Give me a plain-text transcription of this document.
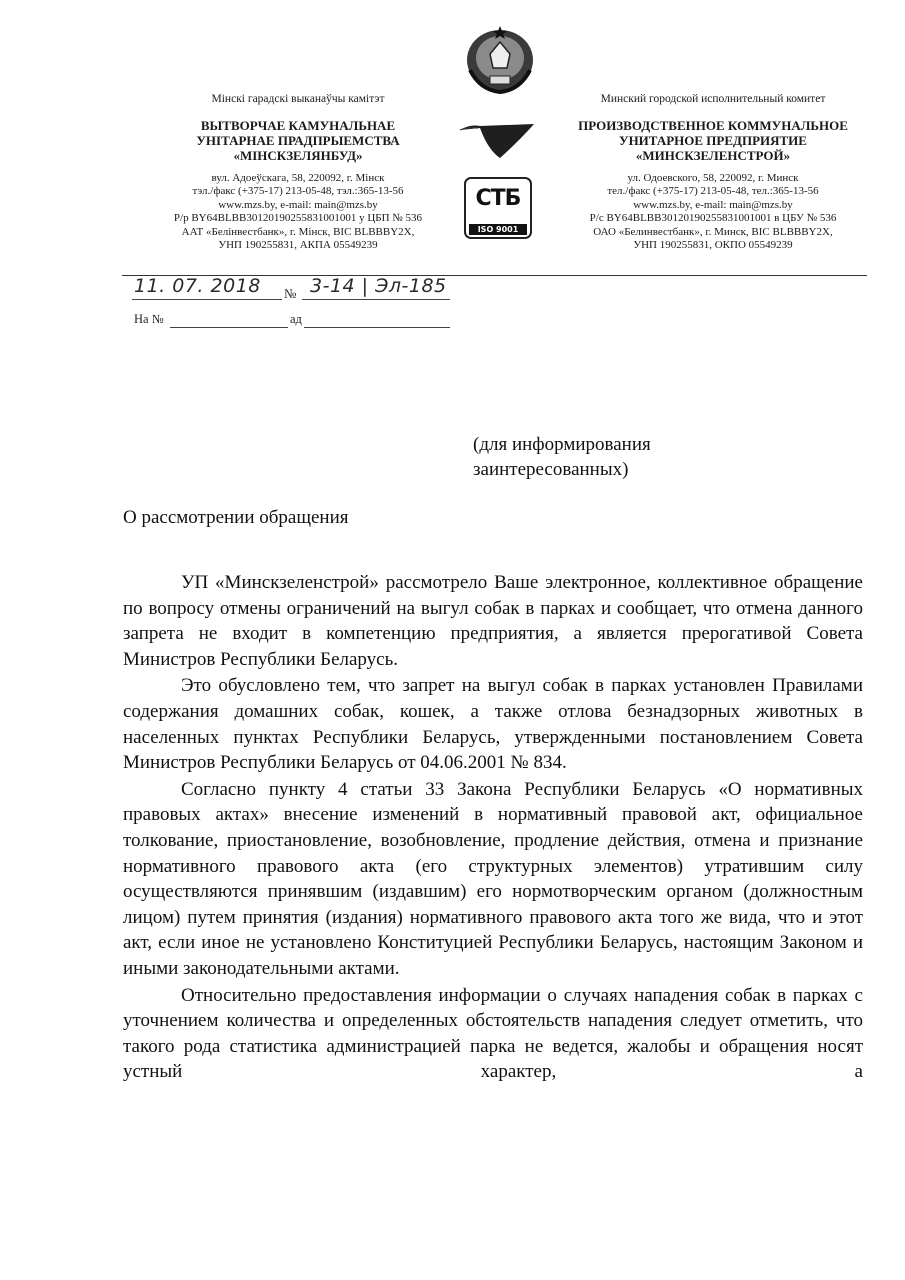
Мінскі гарадскі выканаўчы камітэт
ВЫТВОРЧАЕ КАМУНАЛЬНАЕ
УНІТАРНАЕ ПРАДПРЫЕМСТВА
«МІНСКЗЕЛЯНБУД»
вул. Адоеўскага, 58, 220092, г. Мінск
тэл./факс (+375-17) 213-05-48, тэл.:365-13-56
www.mzs.by, e-mail: main@mzs.by
Р/р BY64BLBB30120190255831001001 у ЦБП № 536
ААТ «Белінвестбанк», г. Мінск, BIC BLBBBY2X,
УНП 190255831, АКПА 05549239
Минский городской исполнительный комитет
ПРОИЗВОДСТВЕННОЕ КОММУНАЛЬНОЕ
УНИТАРНОЕ ПРЕДПРИЯТИЕ
«МИНСКЗЕЛЕНСТРОЙ»
ул. Одоевского, 58, 220092, г. Минск
тел./факс (+375-17) 213-05-48, тел.:365-13-56
www.mzs.by, e-mail: main@mzs.by
Р/с BY64BLBB30120190255831001001 в ЦБУ № 536
ОАО «Белинвестбанк», г. Минск, BIC BLBBBY2X,
УНП 190255831, ОКПО 05549239
СТБ
ISO 9001
11. 07. 2018 № 3-14 | Эл-185
На №	ад
(для информирования
заинтересованных)
О рассмотрении обращения

УП «Минскзеленстрой» рассмотрело Ваше электронное, коллективное обращение по вопросу отмены ограничений на выгул собак в парках и сообщает, что отмена данного запрета не входит в компетенцию предприятия, а является прерогативой Совета Министров Республики Беларусь.

Это обусловлено тем, что запрет на выгул собак в парках установлен Правилами содержания домашних собак, кошек, а также отлова безнадзорных животных в населенных пунктах Республики Беларусь, утвержденными постановлением Совета Министров Республики Беларусь от 04.06.2001 № 834.

Согласно пункту 4 статьи 33 Закона Республики Беларусь «О нормативных правовых актах» внесение изменений в нормативный правовой акт, официальное толкование, приостановление, возобновление, продление действия, отмена и признание нормативного правового акта (его структурных элементов) утратившим силу осуществляются принявшим (издавшим) его нормотворческим органом (должностным лицом) путем принятия (издания) нормативного правового акта того же вида, что и этот акт, если иное не установлено Конституцией Республики Беларусь, настоящим Законом и иными законодательными актами.

Относительно предоставления информации о случаях нападения собак в парках с уточнением количества и определенных обстоятельств нападения следует отметить, что такого рода статистика администрацией парка не ведется, жалобы и обращения носят устный характер, а
